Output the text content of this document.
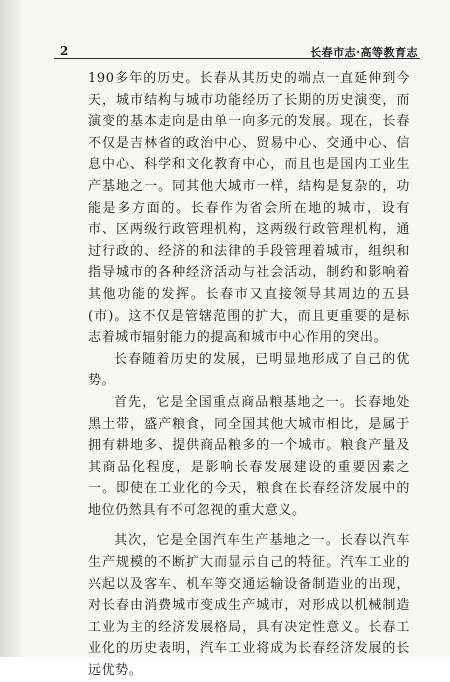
2	长春市志·高等教育志

190多年的历史。长春从其历史的端点一直延伸到今天，城市结构与城市功能经历了长期的历史演变，而演变的基本走向是由单一向多元的发展。现在，长春不仅是吉林省的政治中心、贸易中心、交通中心、信息中心、科学和文化教育中心，而且也是国内工业生产基地之一。同其他大城市一样，结构是复杂的，功能是多方面的。长春作为省会所在地的城市，设有市、区两级行政管理机构，这两级行政管理机构，通过行政的、经济的和法律的手段管理着城市，组织和指导城市的各种经济活动与社会活动，制约和影响着其他功能的发挥。长春市又直接领导其周边的五县(市)。这不仅是管辖范围的扩大，而且更重要的是标志着城市辐射能力的提高和城市中心作用的突出。

长春随着历史的发展，已明显地形成了自己的优势。

首先，它是全国重点商品粮基地之一。长春地处黑土带，盛产粮食，同全国其他大城市相比，是属于拥有耕地多、提供商品粮多的一个城市。粮食产量及其商品化程度，是影响长春发展建设的重要因素之一。即使在工业化的今天，粮食在长春经济发展中的地位仍然具有不可忽视的重大意义。

其次，它是全国汽车生产基地之一。长春以汽车生产规模的不断扩大而显示自己的特征。汽车工业的兴起以及客车、机车等交通运输设备制造业的出现，对长春由消费城市变成生产城市，对形成以机械制造工业为主的经济发展格局，具有决定性意义。长春工业化的历史表明，汽车工业将成为长春经济发展的长远优势。
